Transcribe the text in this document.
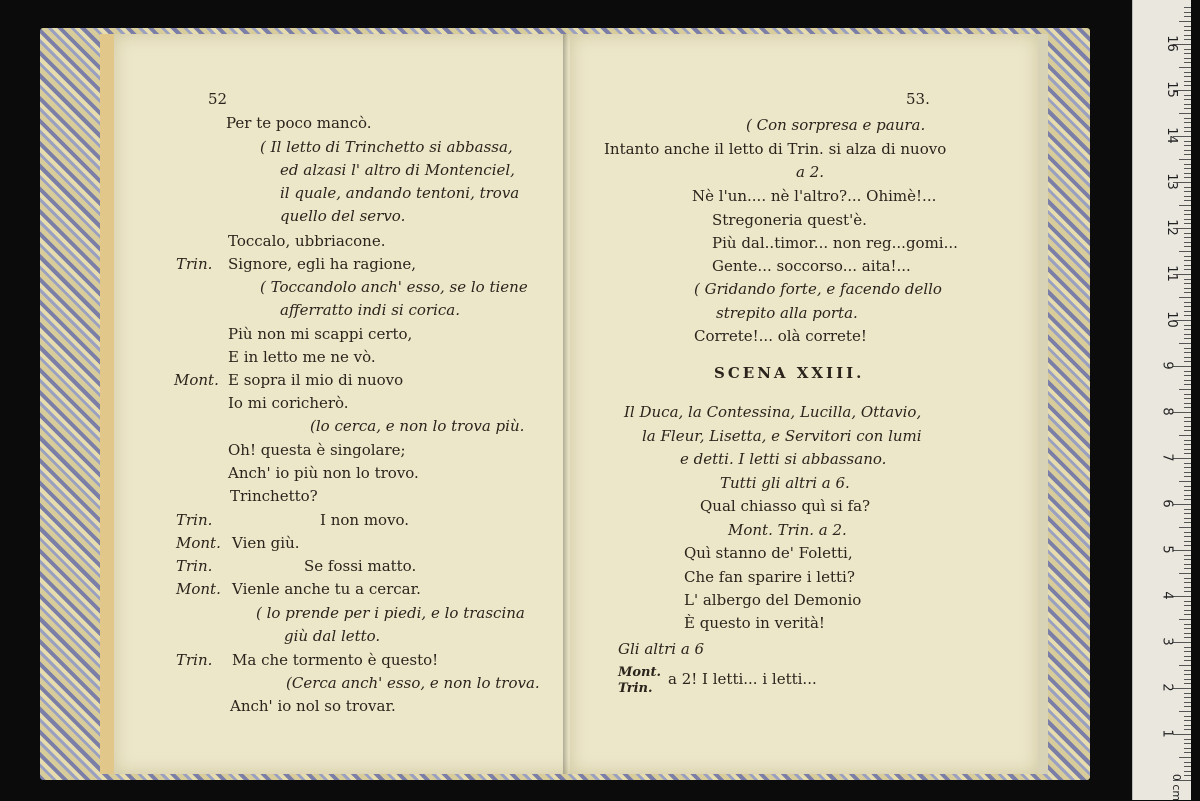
52
Per te poco mancò.
( Il letto di Trinchetto si abbassa,
ed alzasi l' altro di Montenciel,
il quale, andando tentoni, trova
quello del servo.
Toccalo, ubbriacone.
Trin. Signore, egli ha ragione,
( Toccandolo anch' esso, se lo tiene
afferratto indi si corica.
Più non mi scappi certo,
E in letto me ne vò.
Mont. E sopra il mio di nuovo
Io mi coricherò.
(lo cerca, e non lo trova più.
Oh! questa è singolare;
Anch' io più non lo trovo.
Trinchetto?
Trin.	I non movo.
Mont. Vien giù.
Trin.	Se fossi matto.
Mont. Vienle anche tu a cercar.
( lo prende per i piedi, e lo trascina
giù dal letto.
Trin. Ma che tormento è questo!
(Cerca anch' esso, e non lo trova.
Anch' io nol so trovar.
53.
( Con sorpresa e paura.
Intanto anche il letto di Trin. si alza di nuovo
a 2.
Nè l'un.... nè l'altro?... Ohimè!...
Stregoneria quest'è.
Più dal..timor... non reg...gomi...
Gente... soccorso... aita!...
( Gridando forte, e facendo dello
strepito alla porta.
Correte!... olà correte!
SCENA XXIII.
Il Duca, la Contessina, Lucilla, Ottavio,
la Fleur, Lisetta, e Servitori con lumi
e detti. I letti si abbassano.
Tutti gli altri a 6.
Qual chiasso quì si fa?
Mont. Trin. a 2.
Quì stanno de' Foletti,
Che fan sparire i letti?
L' albergo del Demonio
È questo in verità!
Gli altri a 6
Mont.
Trin.
a 2! I letti... i letti...
1
2
3
4
5
6
7
8
9
10
11
12
13
14
15
16
0 cm
